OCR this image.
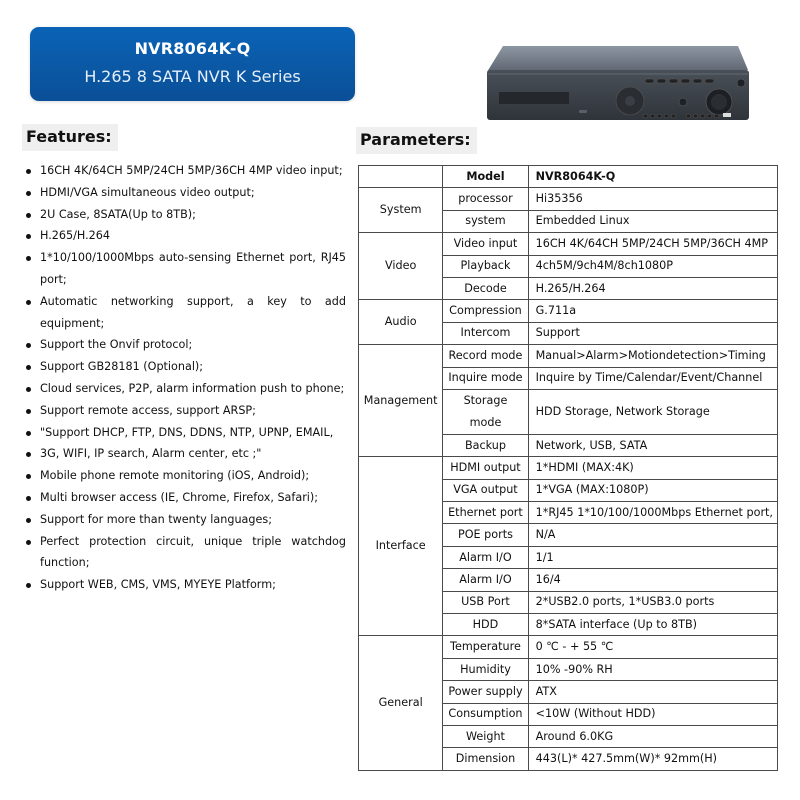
NVR8064K-Q
H.265 8 SATA NVR K Series
Features:
16CH 4K/64CH 5MP/24CH 5MP/36CH 4MP video input;
HDMI/VGA simultaneous video output;
2U Case, 8SATA(Up to 8TB);
H.265/H.264
1*10/100/1000Mbps auto-sensing Ethernet port, RJ45 port;
Automatic networking support, a key to add equipment;
Support the Onvif protocol;
Support GB28181 (Optional);
Cloud services, P2P, alarm information push to phone;
Support remote access, support ARSP;
"Support DHCP, FTP, DNS, DDNS, NTP, UPNP, EMAIL,
3G, WIFI, IP search, Alarm center, etc ;"
Mobile phone remote monitoring (iOS, Android);
Multi browser access (IE, Chrome, Firefox, Safari);
Support for more than twenty languages;
Perfect protection circuit, unique triple watchdog function;
Support WEB, CMS, VMS, MYEYE Platform;
Parameters:
	Model	NVR8064K-Q
System	processor	Hi35356
	system	Embedded Linux
Video	Video input	16CH 4K/64CH 5MP/24CH 5MP/36CH 4MP
	Playback	4ch5M/9ch4M/8ch1080P
	Decode	H.265/H.264
Audio	Compression	G.711a
	Intercom	Support
Management	Record mode	Manual>Alarm>Motiondetection>Timing
	Inquire mode	Inquire by Time/Calendar/Event/Channel
	Storage mode	HDD Storage, Network Storage
	Backup	Network, USB, SATA
Interface	HDMI output	1*HDMI (MAX:4K)
	VGA output	1*VGA (MAX:1080P)
	Ethernet port	1*RJ45 1*10/100/1000Mbps Ethernet port,
	POE ports	N/A
	Alarm I/O	1/1
	Alarm I/O	16/4
	USB Port	2*USB2.0 ports, 1*USB3.0 ports
	HDD	8*SATA interface (Up to 8TB)
General	Temperature	0 ℃ - + 55 ℃
	Humidity	10% -90% RH
	Power supply	ATX
	Consumption	<10W (Without HDD)
	Weight	Around 6.0KG
	Dimension	443(L)* 427.5mm(W)* 92mm(H)
